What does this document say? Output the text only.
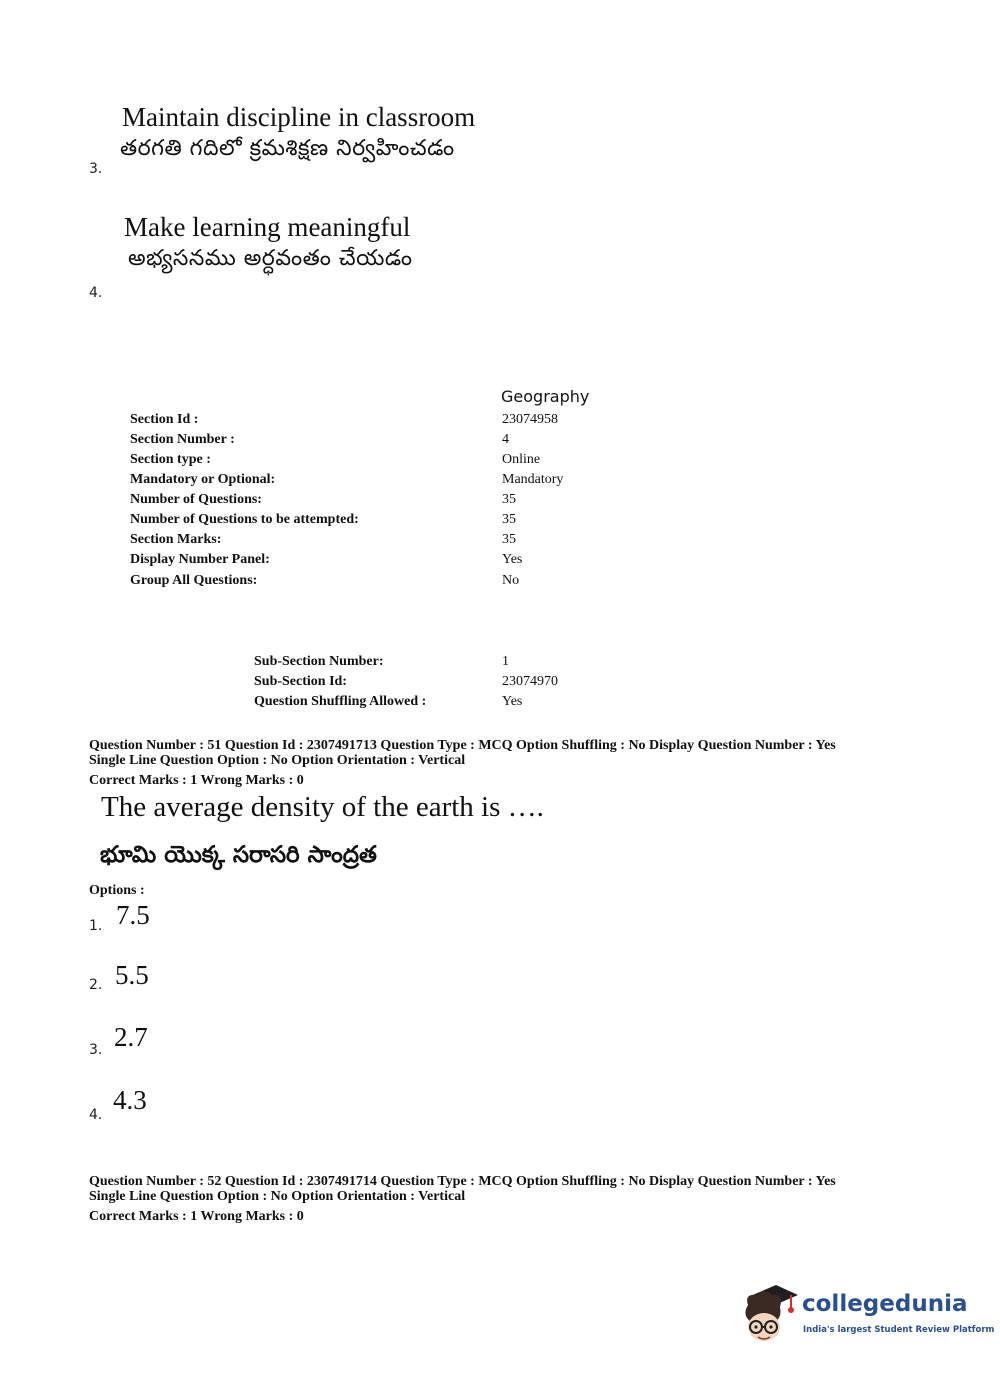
Maintain discipline in classroom
తరగతి గదిలో క్రమశిక్షణ నిర్వహించడం
3.
Make learning meaningful
అభ్యసనము అర్ధవంతం చేయడం
4.
Geography
Section Id :	23074958
Section Number :	4
Section type :	Online
Mandatory or Optional:	Mandatory
Number of Questions:	35
Number of Questions to be attempted:	35
Section Marks:	35
Display Number Panel:	Yes
Group All Questions:	No
Sub-Section Number:	1
Sub-Section Id:	23074970
Question Shuffling Allowed :	Yes
Question Number : 51 Question Id : 2307491713 Question Type : MCQ Option Shuffling : No Display Question Number : Yes
Single Line Question Option : No Option Orientation : Vertical
Correct Marks : 1 Wrong Marks : 0
The average density of the earth is ….
భూమి యొక్క సరాసరి సాంద్రత
Options :
1. 7.5
2. 5.5
3. 2.7
4. 4.3
Question Number : 52 Question Id : 2307491714 Question Type : MCQ Option Shuffling : No Display Question Number : Yes
Single Line Question Option : No Option Orientation : Vertical
Correct Marks : 1 Wrong Marks : 0
collegedunia
India's largest Student Review Platform
